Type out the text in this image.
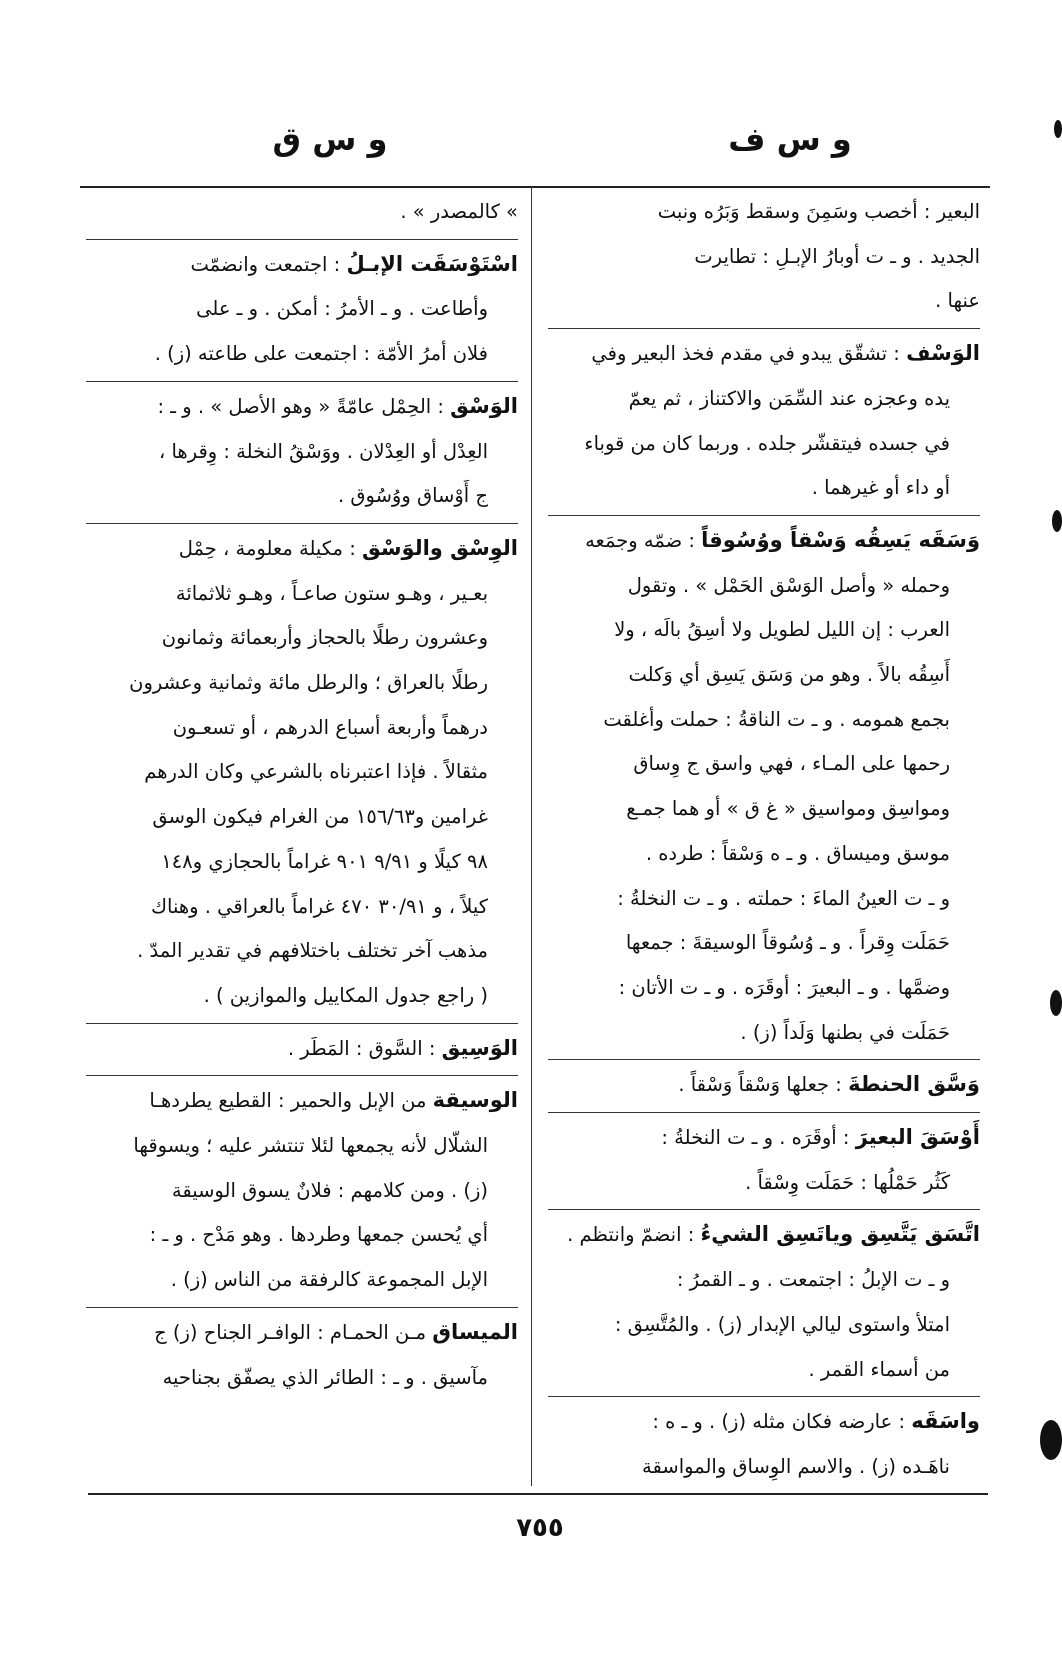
و س ف
و س ق
البعير : أخصب وسَمِنَ وسقط وَبَرُه ونبت
الجديد . و ـ ت أوبارُ الإبـلِ : تطايرت
عنها .
الوَسْف : تشقّق يبدو في مقدم فخذ البعير وفي
يده وعجزه عند السِّمَن والاكتناز ، ثم يعمّ
في جسده فيتقشّر جلده . وربما كان من قوباء
أو داء أو غيرهما .
وَسَقَه يَسِقُه وَسْقاً ووُسُوقاً : ضمّه وجمَعه
وحمله « وأصل الوَسْق الحَمْل » . وتقول
العرب : إن الليل لطويل ولا أسِقُ بالَه ، ولا
أَسِقُه بالاً . وهو من وَسَق يَسِق أي وَكلت
بجمع همومه . و ـ ت الناقةُ : حملت وأغلقت
رحمها على المـاء ، فهي واسق ج وِساق
ومواسِق ومواسيق « غ ق » أو هما جمـع
موسق وميساق . و ـ ه وَسْقاً : طرده .
و ـ ت العينُ الماءَ : حملته . و ـ ت النخلةُ :
حَمَلَت وِقراً . و ـ وُسُوقاً الوسيقةَ : جمعها
وضمَّها . و ـ البعيرَ : أوقَرَه . و ـ ت الأتان :
حَمَلَت في بطنها وَلَداً (ز) .
وَسَّق الحنطةَ : جعلها وَسْقاً وَسْقاً .
أَوْسَقَ البعيرَ : أوقَرَه . و ـ ت النخلةُ :
كَثُر حَمْلُها : حَمَلَت وِسْقاً .
اتَّسَق يَتَّسِق وياتَسِق الشيءُ : انضمّ وانتظم .
و ـ ت الإبلُ : اجتمعت . و ـ القمرُ :
امتلأ واستوى ليالي الإبدار (ز) . والمُتَّسِق :
من أسماء القمر .
واسَقَه : عارضه فكان مثله (ز) . و ـ ه :
ناهَـده (ز) . والاسم الوِساق والمواسقة
» كالمصدر » .
اسْتَوْسَقَت الإبـلُ : اجتمعت وانضمّت
وأطاعت . و ـ الأمرُ : أمكن . و ـ على
فلان أمرُ الأمّة : اجتمعت على طاعته (ز) .
الوَسْق : الحِمْل عامّةً « وهو الأصل » . و ـ :
العِدْل أو العِدْلان . ووَسْقُ النخلة : وِقرها ،
ج أَوْساق ووُسُوق .
الوِسْق والوَسْق : مكيلة معلومة ، حِمْل
بعـير ، وهـو ستون صاعـاً ، وهـو ثلاثمائة
وعشرون رطلًا بالحجاز وأربعمائة وثمانون
رطلًا بالعراق ؛ والرطل مائة وثمانية وعشرون
درهماً وأربعة أسباع الدرهم ، أو تسعـون
مثقالاً . فإذا اعتبرناه بالشرعي وكان الدرهم
غرامين و١٥٦/٦٣ من الغرام فيكون الوسق
٩٨ كيلًا و ٩/٩١ ٩٠١ غراماً بالحجازي و١٤٨
كيلاً ، و ٣٠/٩١ ٤٧٠ غراماً بالعراقي . وهناك
مذهب آخر تختلف باختلافهم في تقدير المدّ .
( راجع جدول المكاييل والموازين ) .
الوَسِيق : السَّوق : المَطَر .
الوسيقة من الإبل والحمير : القطيع يطردهـا
الشلّال لأنه يجمعها لئلا تنتشر عليه ؛ ويسوقها
(ز) . ومن كلامهم : فلانٌ يسوق الوسيقة
أي يُحسن جمعها وطردها . وهو مَدْح . و ـ :
الإبل المجموعة كالرفقة من الناس (ز) .
الميساق مـن الحمـام : الوافـر الجناح (ز) ج
مآسيق . و ـ : الطائر الذي يصفّق بجناحيه
٧٥٥
